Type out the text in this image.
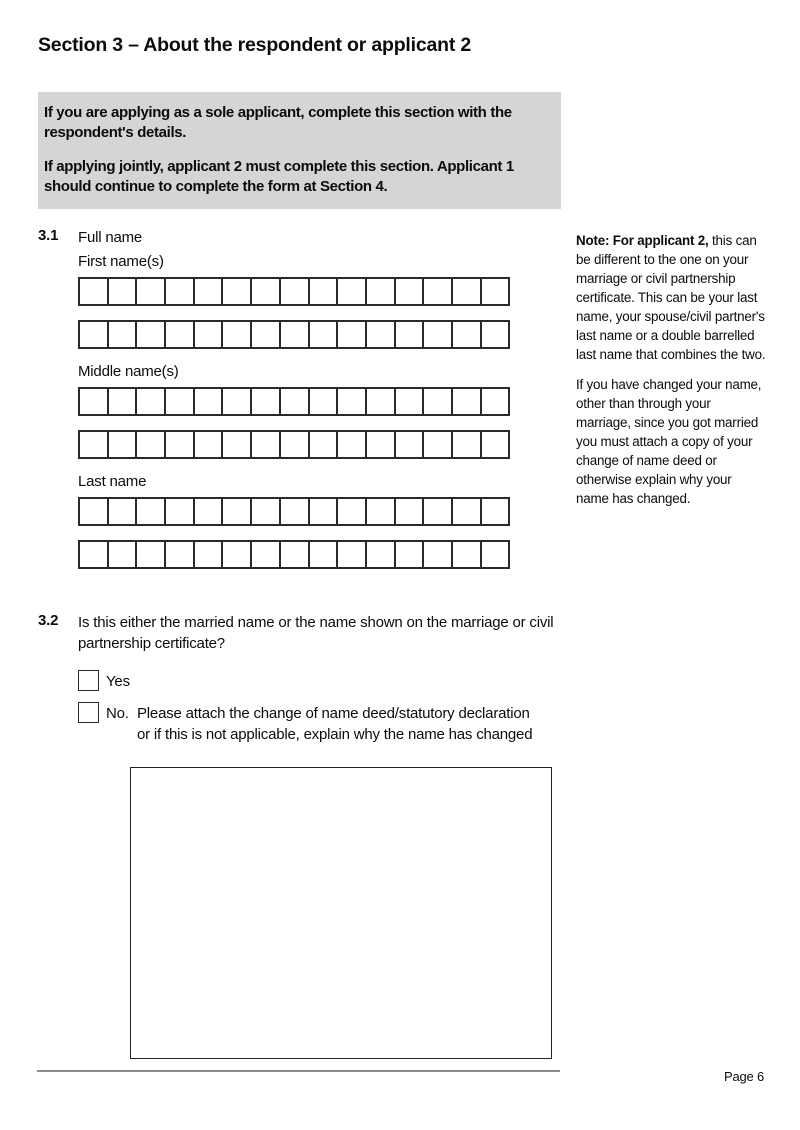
Section 3 – About the respondent or applicant 2

If you are applying as a sole applicant, complete this section with the respondent's details.

If applying jointly, applicant 2 must complete this section. Applicant 1 should continue to complete the form at Section 4.

3.1	Full name
First name(s)
Middle name(s)
Last name

Note: For applicant 2, this can be different to the one on your marriage or civil partnership certificate. This can be your last name, your spouse/civil partner's last name or a double barrelled last name that combines the two.

If you have changed your name, other than through your marriage, since you got married you must attach a copy of your change of name deed or otherwise explain why your name has changed.

3.2	Is this either the married name or the name shown on the marriage or civil partnership certificate?
Yes
No. Please attach the change of name deed/statutory declaration or if this is not applicable, explain why the name has changed
Page 6
